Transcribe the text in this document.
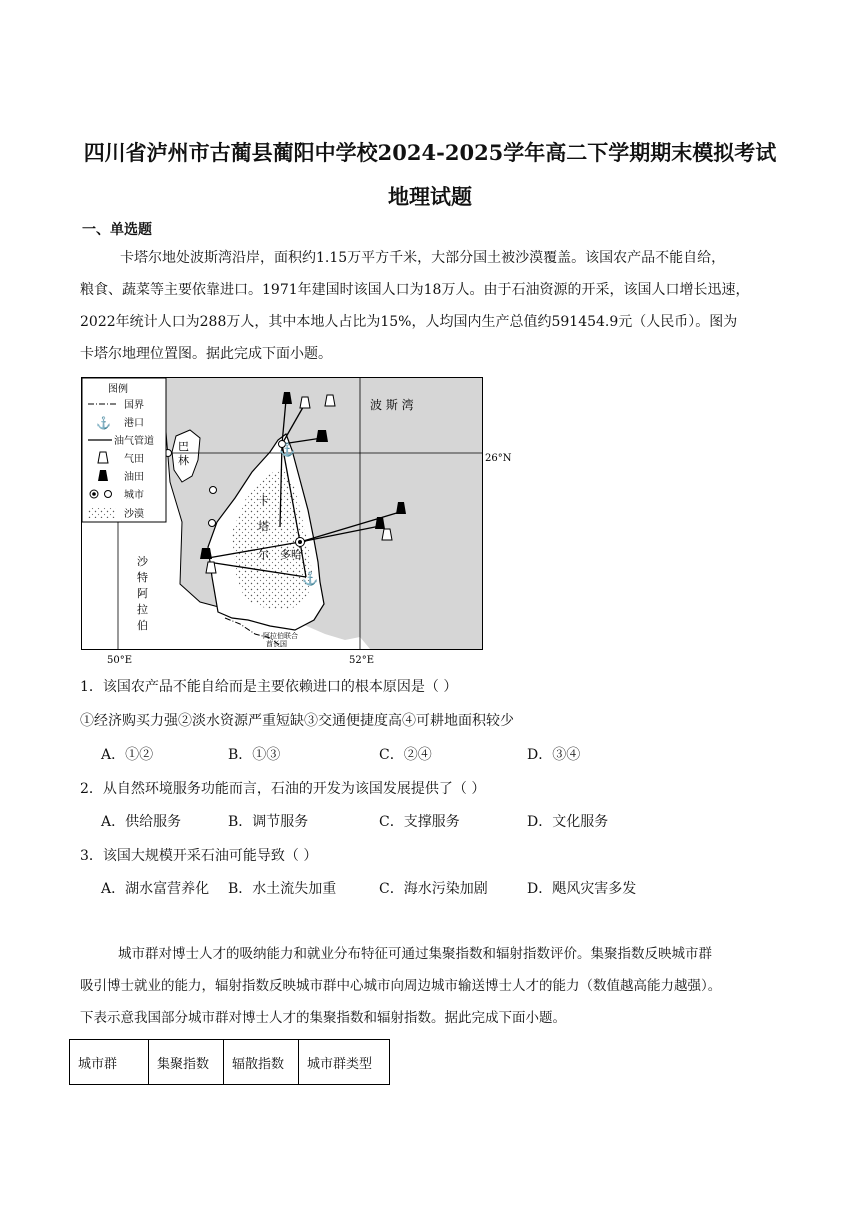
四川省泸州市古蔺县蔺阳中学校2024-2025学年高二下学期期末模拟考试
地理试题
一、单选题

卡塔尔地处波斯湾沿岸，面积约1.15万平方千米，大部分国土被沙漠覆盖。该国农产品不能自给，

粮食、蔬菜等主要依靠进口。1971年建国时该国人口为18万人。由于石油资源的开采，该国人口增长迅速，

2022年统计人口为288万人，其中本地人占比为15%，人均国内生产总值约591454.9元（人民币）。图为

卡塔尔地理位置图。据此完成下面小题。

⚓
⚓
波 斯 湾
巴
林
卡
塔
尔 多哈
沙
特
阿
拉
伯
阿拉伯联合
酋长国
26°N
50°E	52°E
图例
国界
⚓ 港口
油气管道
气田
油田
城市
沙漠
1．该国农产品不能自给而是主要依赖进口的根本原因是（ ）
①经济购买力强②淡水资源严重短缺③交通便捷度高④可耕地面积较少
A．①②	B．①③	C．②④	D．③④
2．从自然环境服务功能而言，石油的开发为该国发展提供了（ ）
A．供给服务	B．调节服务	C．支撑服务	D．文化服务
3．该国大规模开采石油可能导致（ ）
A．湖水富营养化 B．水土流失加重	C．海水污染加剧	D．飓风灾害多发

城市群对博士人才的吸纳能力和就业分布特征可通过集聚指数和辐射指数评价。集聚指数反映城市群

吸引博士就业的能力，辐射指数反映城市群中心城市向周边城市输送博士人才的能力（数值越高能力越强）。

下表示意我国部分城市群对博士人才的集聚指数和辐射指数。据此完成下面小题。

城市群	集聚指数	辐散指数	城市群类型
